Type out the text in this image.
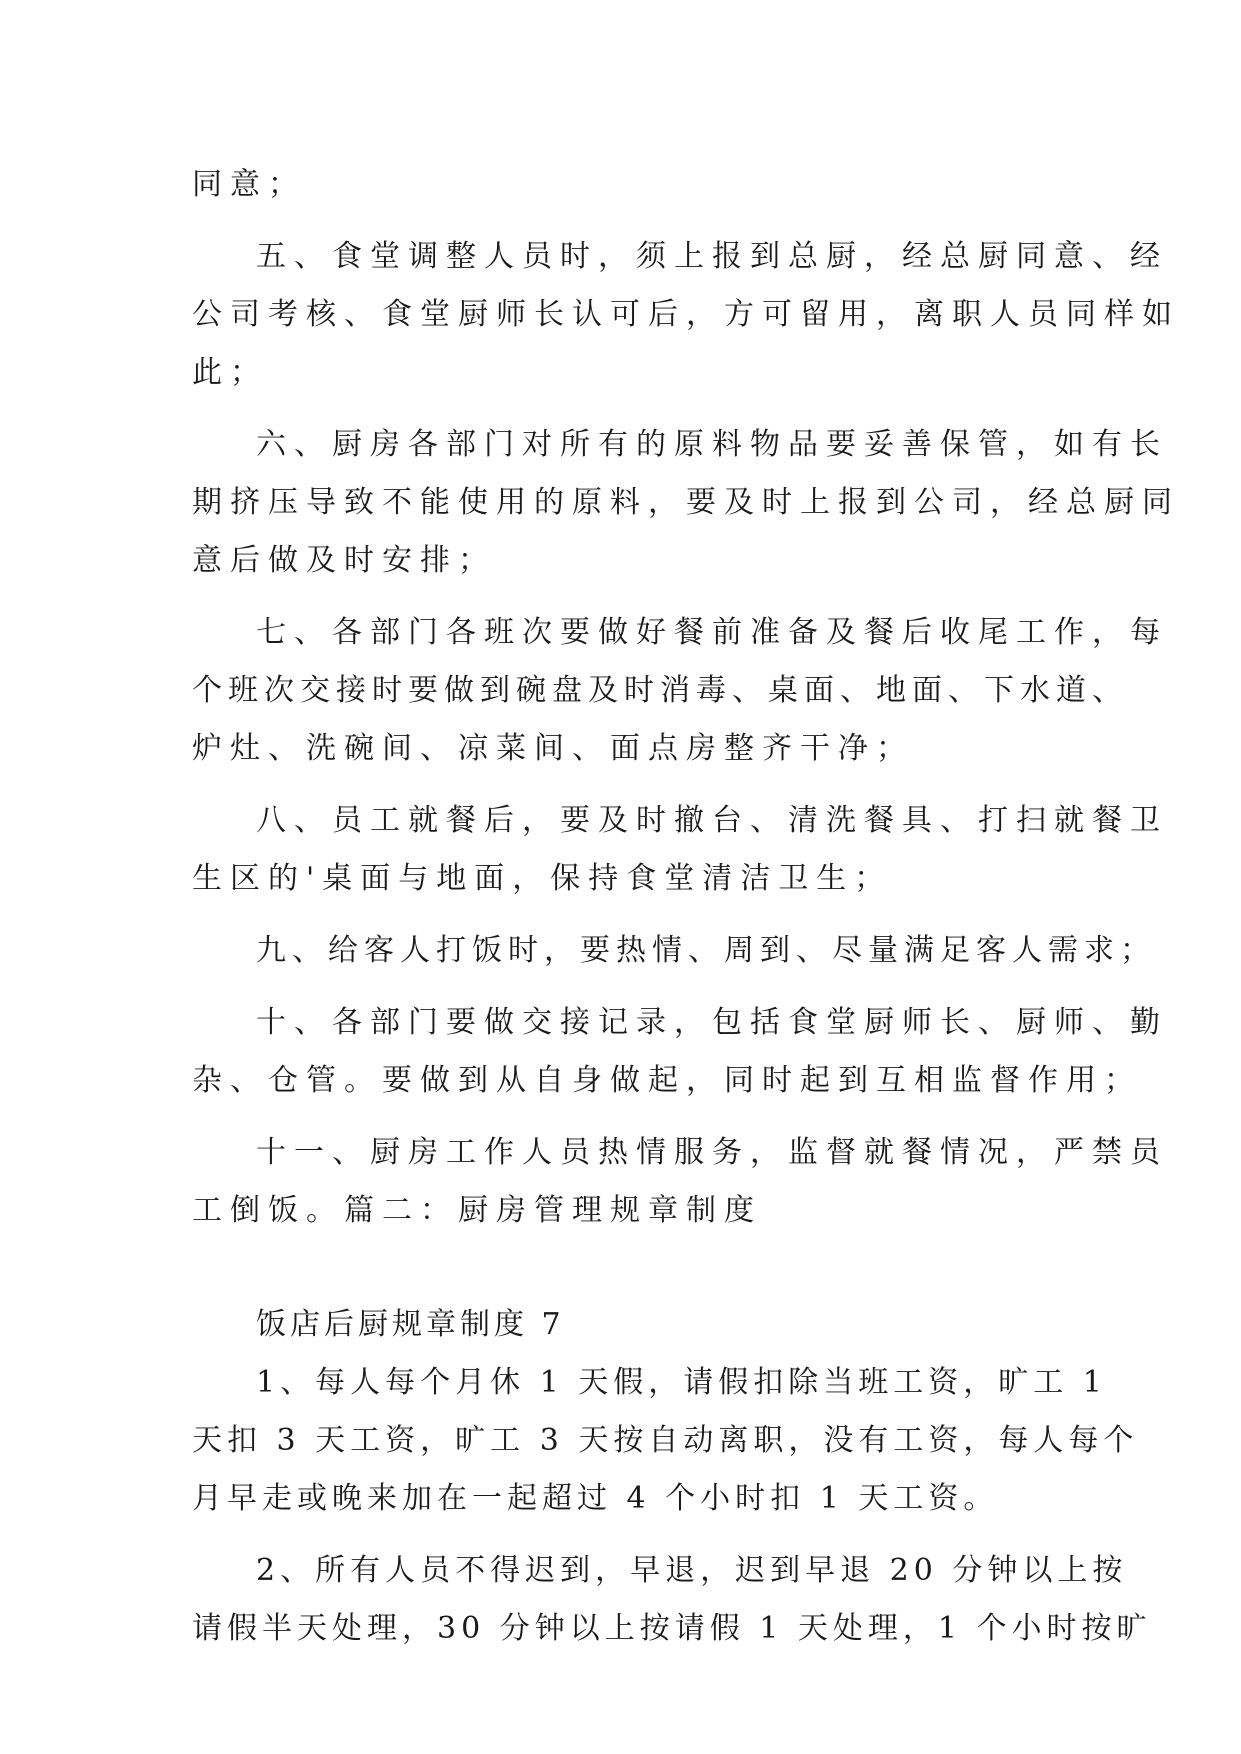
同意；
五、食堂调整人员时，须上报到总厨，经总厨同意、经
公司考核、食堂厨师长认可后，方可留用，离职人员同样如
此；
六、厨房各部门对所有的原料物品要妥善保管，如有长
期挤压导致不能使用的原料，要及时上报到公司，经总厨同
意后做及时安排；
七、各部门各班次要做好餐前准备及餐后收尾工作，每
个班次交接时要做到碗盘及时消毒、桌面、地面、下水道、
炉灶、洗碗间、凉菜间、面点房整齐干净；
八、员工就餐后，要及时撤台、清洗餐具、打扫就餐卫
生区的'桌面与地面，保持食堂清洁卫生；
九、给客人打饭时，要热情、周到、尽量满足客人需求；
十、各部门要做交接记录，包括食堂厨师长、厨师、勤
杂、仓管。要做到从自身做起，同时起到互相监督作用；
十一、厨房工作人员热情服务，监督就餐情况，严禁员
工倒饭。篇二：厨房管理规章制度
饭店后厨规章制度 7
1、每人每个月休 1 天假，请假扣除当班工资，旷工 1
天扣 3 天工资，旷工 3 天按自动离职，没有工资，每人每个
月早走或晚来加在一起超过 4 个小时扣 1 天工资。
2、所有人员不得迟到，早退，迟到早退 20 分钟以上按
请假半天处理，30 分钟以上按请假 1 天处理，1 个小时按旷
